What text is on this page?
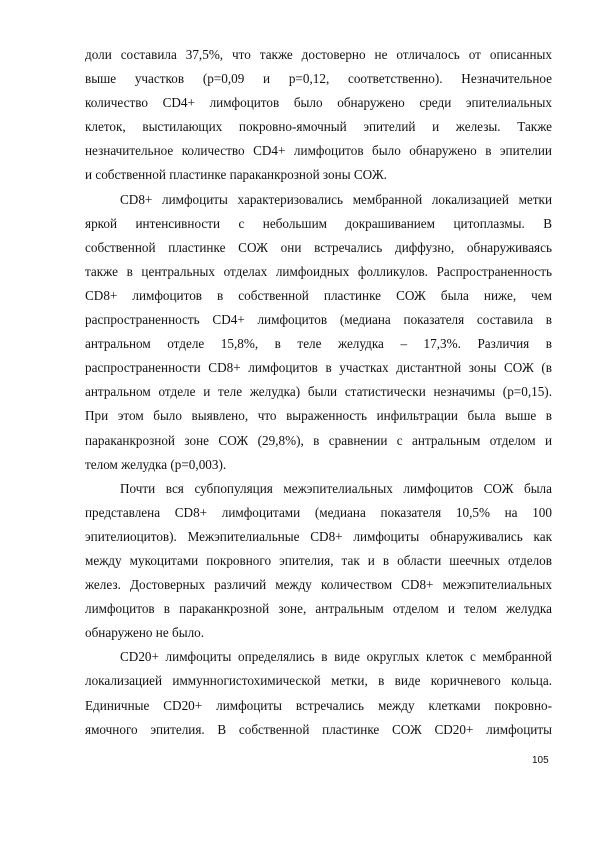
доли составила 37,5%, что также достоверно не отличалось от описанных
выше участков (р=0,09 и р=0,12, соответственно). Незначительное
количество CD4+ лимфоцитов было обнаружено среди эпителиальных
клеток, выстилающих покровно-ямочный эпителий и железы. Также
незначительное количество CD4+ лимфоцитов было обнаружено в эпителии
и собственной пластинке параканкрозной зоны СОЖ.
CD8+ лимфоциты характеризовались мембранной локализацией метки
яркой интенсивности с небольшим докрашиванием цитоплазмы. В
собственной пластинке СОЖ они встречались диффузно, обнаруживаясь
также в центральных отделах лимфоидных фолликулов. Распространенность
CD8+ лимфоцитов в собственной пластинке СОЖ была ниже, чем
распространенность CD4+ лимфоцитов (медиана показателя составила в
антральном отделе 15,8%, в теле желудка – 17,3%. Различия в
распространенности CD8+ лимфоцитов в участках дистантной зоны СОЖ (в
антральном отделе и теле желудка) были статистически незначимы (р=0,15).
При этом было выявлено, что выраженность инфильтрации была выше в
параканкрозной зоне СОЖ (29,8%), в сравнении с антральным отделом и
телом желудка (р=0,003).
Почти вся субпопуляция межэпителиальных лимфоцитов СОЖ была
представлена CD8+ лимфоцитами (медиана показателя 10,5% на 100
эпителиоцитов). Межэпителиальные CD8+ лимфоциты обнаруживались как
между мукоцитами покровного эпителия, так и в области шеечных отделов
желез. Достоверных различий между количеством CD8+ межэпителиальных
лимфоцитов в параканкрозной зоне, антральным отделом и телом желудка
обнаружено не было.
CD20+ лимфоциты определялись в виде округлых клеток с мембранной
локализацией иммунногистохимической метки, в виде коричневого кольца.
Единичные CD20+ лимфоциты встречались между клетками покровно-
ямочного эпителия. В собственной пластинке СОЖ CD20+ лимфоциты
105
